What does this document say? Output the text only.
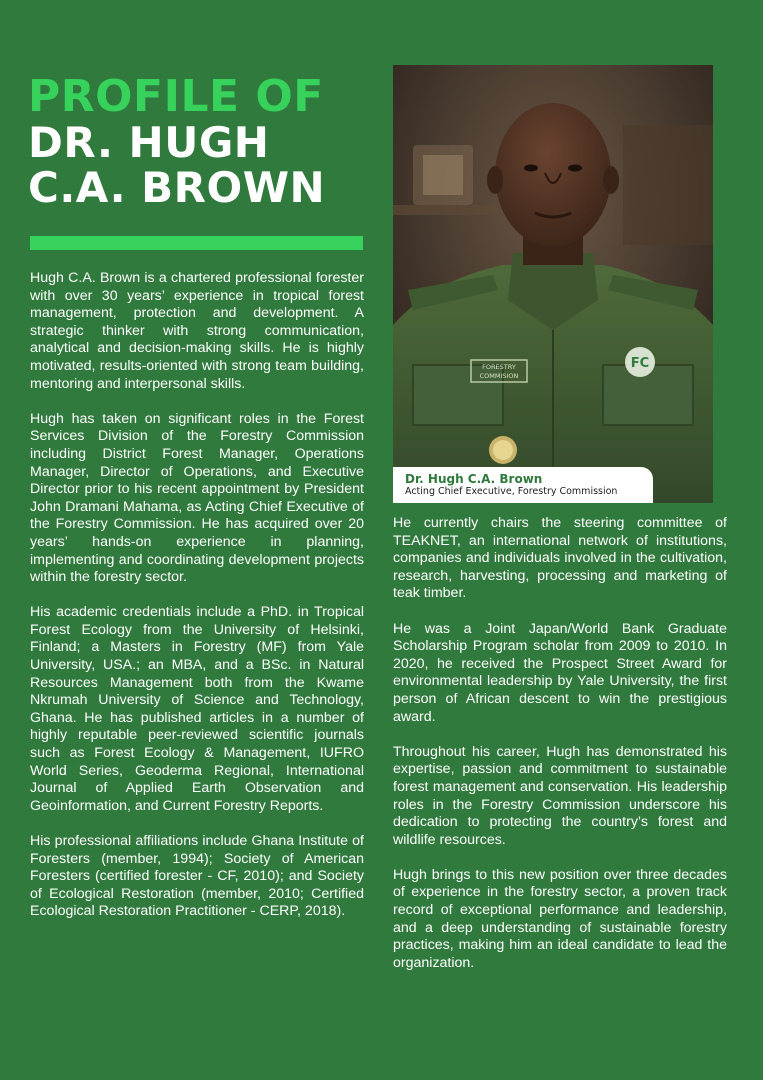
PROFILE OF
DR. HUGH
C.A. BROWN

Hugh C.A. Brown is a chartered professional forester with over 30 years’ experience in tropical forest management, protection and development. A strategic thinker with strong communication, analytical and decision-making skills. He is highly motivated, results-oriented with strong team building, mentoring and interpersonal skills.

Hugh has taken on significant roles in the Forest Services Division of the Forestry Commission including District Forest Manager, Operations Manager, Director of Operations, and Executive Director prior to his recent appointment by President John Dramani Mahama, as Acting Chief Executive of the Forestry Commission. He has acquired over 20 years’ hands-on experience in planning, implementing and coordinating development projects within the forestry sector.

His academic credentials include a PhD. in Tropical Forest Ecology from the University of Helsinki, Finland; a Masters in Forestry (MF) from Yale University, USA.; an MBA, and a BSc. in Natural Resources Management both from the Kwame Nkrumah University of Science and Technology, Ghana. He has published articles in a number of highly reputable peer-reviewed scientific journals such as Forest Ecology & Management, IUFRO World Series, Geoderma Regional, International Journal of Applied Earth Observation and Geoinformation, and Current Forestry Reports.

His professional affiliations include Ghana Institute of Foresters (member, 1994); Society of American Foresters (certified forester - CF, 2010); and Society of Ecological Restoration (member, 2010; Certified Ecological Restoration Practitioner - CERP, 2018).

FORESTRY
COMMISION
FC
Dr. Hugh C.A. Brown
Acting Chief Executive, Forestry Commission

He currently chairs the steering committee of TEAKNET, an international network of institutions, companies and individuals involved in the cultivation, research, harvesting, processing and marketing of teak timber.

He was a Joint Japan/World Bank Graduate Scholarship Program scholar from 2009 to 2010. In 2020, he received the Prospect Street Award for environmental leadership by Yale University, the first person of African descent to win the prestigious award.

Throughout his career, Hugh has demonstrated his expertise, passion and commitment to sustainable forest management and conservation. His leadership roles in the Forestry Commission underscore his dedication to protecting the country’s forest and wildlife resources.

Hugh brings to this new position over three decades of experience in the forestry sector, a proven track record of exceptional performance and leadership, and a deep understanding of sustainable forestry practices, making him an ideal candidate to lead the organization.
